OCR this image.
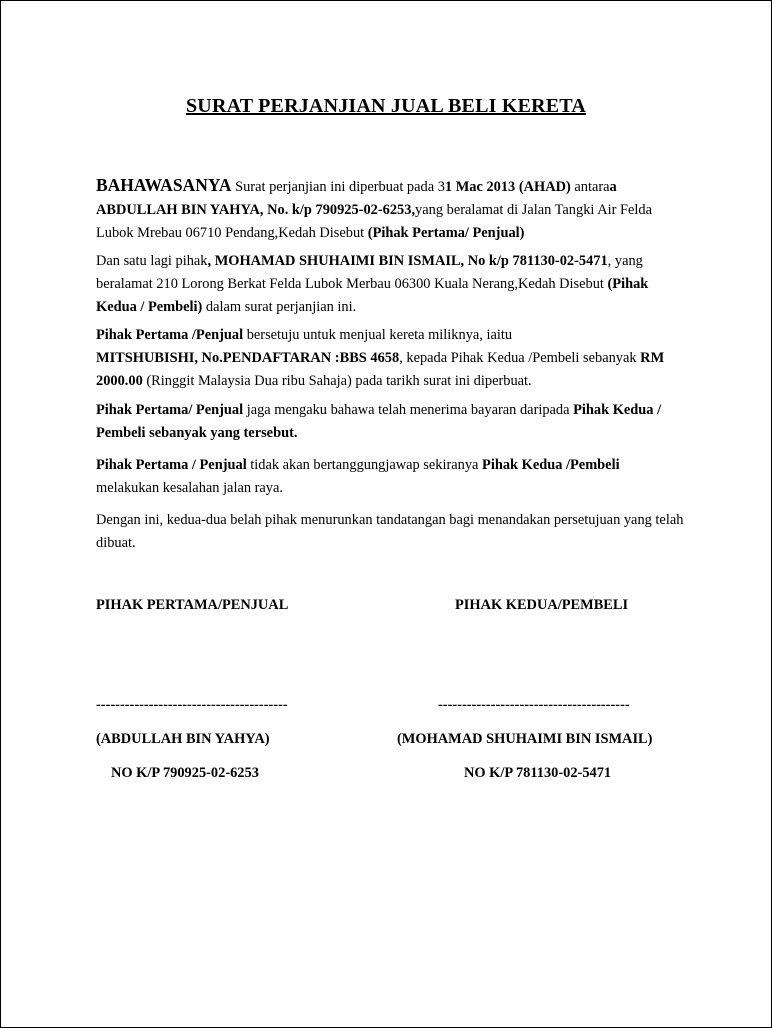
SURAT PERJANJIAN JUAL BELI KERETA
BAHAWASANYA Surat perjanjian ini diperbuat pada 31 Mac 2013 (AHAD) antaraa
ABDULLAH BIN YAHYA, No. k/p 790925-02-6253,yang beralamat di Jalan Tangki Air Felda Lubok Mrebau 06710 Pendang,Kedah Disebut (Pihak Pertama/ Penjual)
Dan satu lagi pihak, MOHAMAD SHUHAIMI BIN ISMAIL, No k/p 781130-02-5471, yang beralamat 210 Lorong Berkat Felda Lubok Merbau 06300 Kuala Nerang,Kedah Disebut (Pihak Kedua / Pembeli) dalam surat perjanjian ini.
Pihak Pertama /Penjual bersetuju untuk menjual kereta miliknya, iaitu
MITSHUBISHI, No.PENDAFTARAN :BBS 4658, kepada Pihak Kedua /Pembeli sebanyak RM 2000.00 (Ringgit Malaysia Dua ribu Sahaja) pada tarikh surat ini diperbuat.
Pihak Pertama/ Penjual jaga mengaku bahawa telah menerima bayaran daripada Pihak Kedua / Pembeli sebanyak yang tersebut.
Pihak Pertama / Penjual tidak akan bertanggungjawap sekiranya Pihak Kedua /Pembeli melakukan kesalahan jalan raya.
Dengan ini, kedua-dua belah pihak menurunkan tandatangan bagi menandakan persetujuan yang telah dibuat.
PIHAK PERTAMA/PENJUAL	PIHAK KEDUA/PEMBELI
----------------------------------------	----------------------------------------
(ABDULLAH BIN YAHYA)	(MOHAMAD SHUHAIMI BIN ISMAIL)
NO K/P 790925-02-6253	NO K/P 781130-02-5471
